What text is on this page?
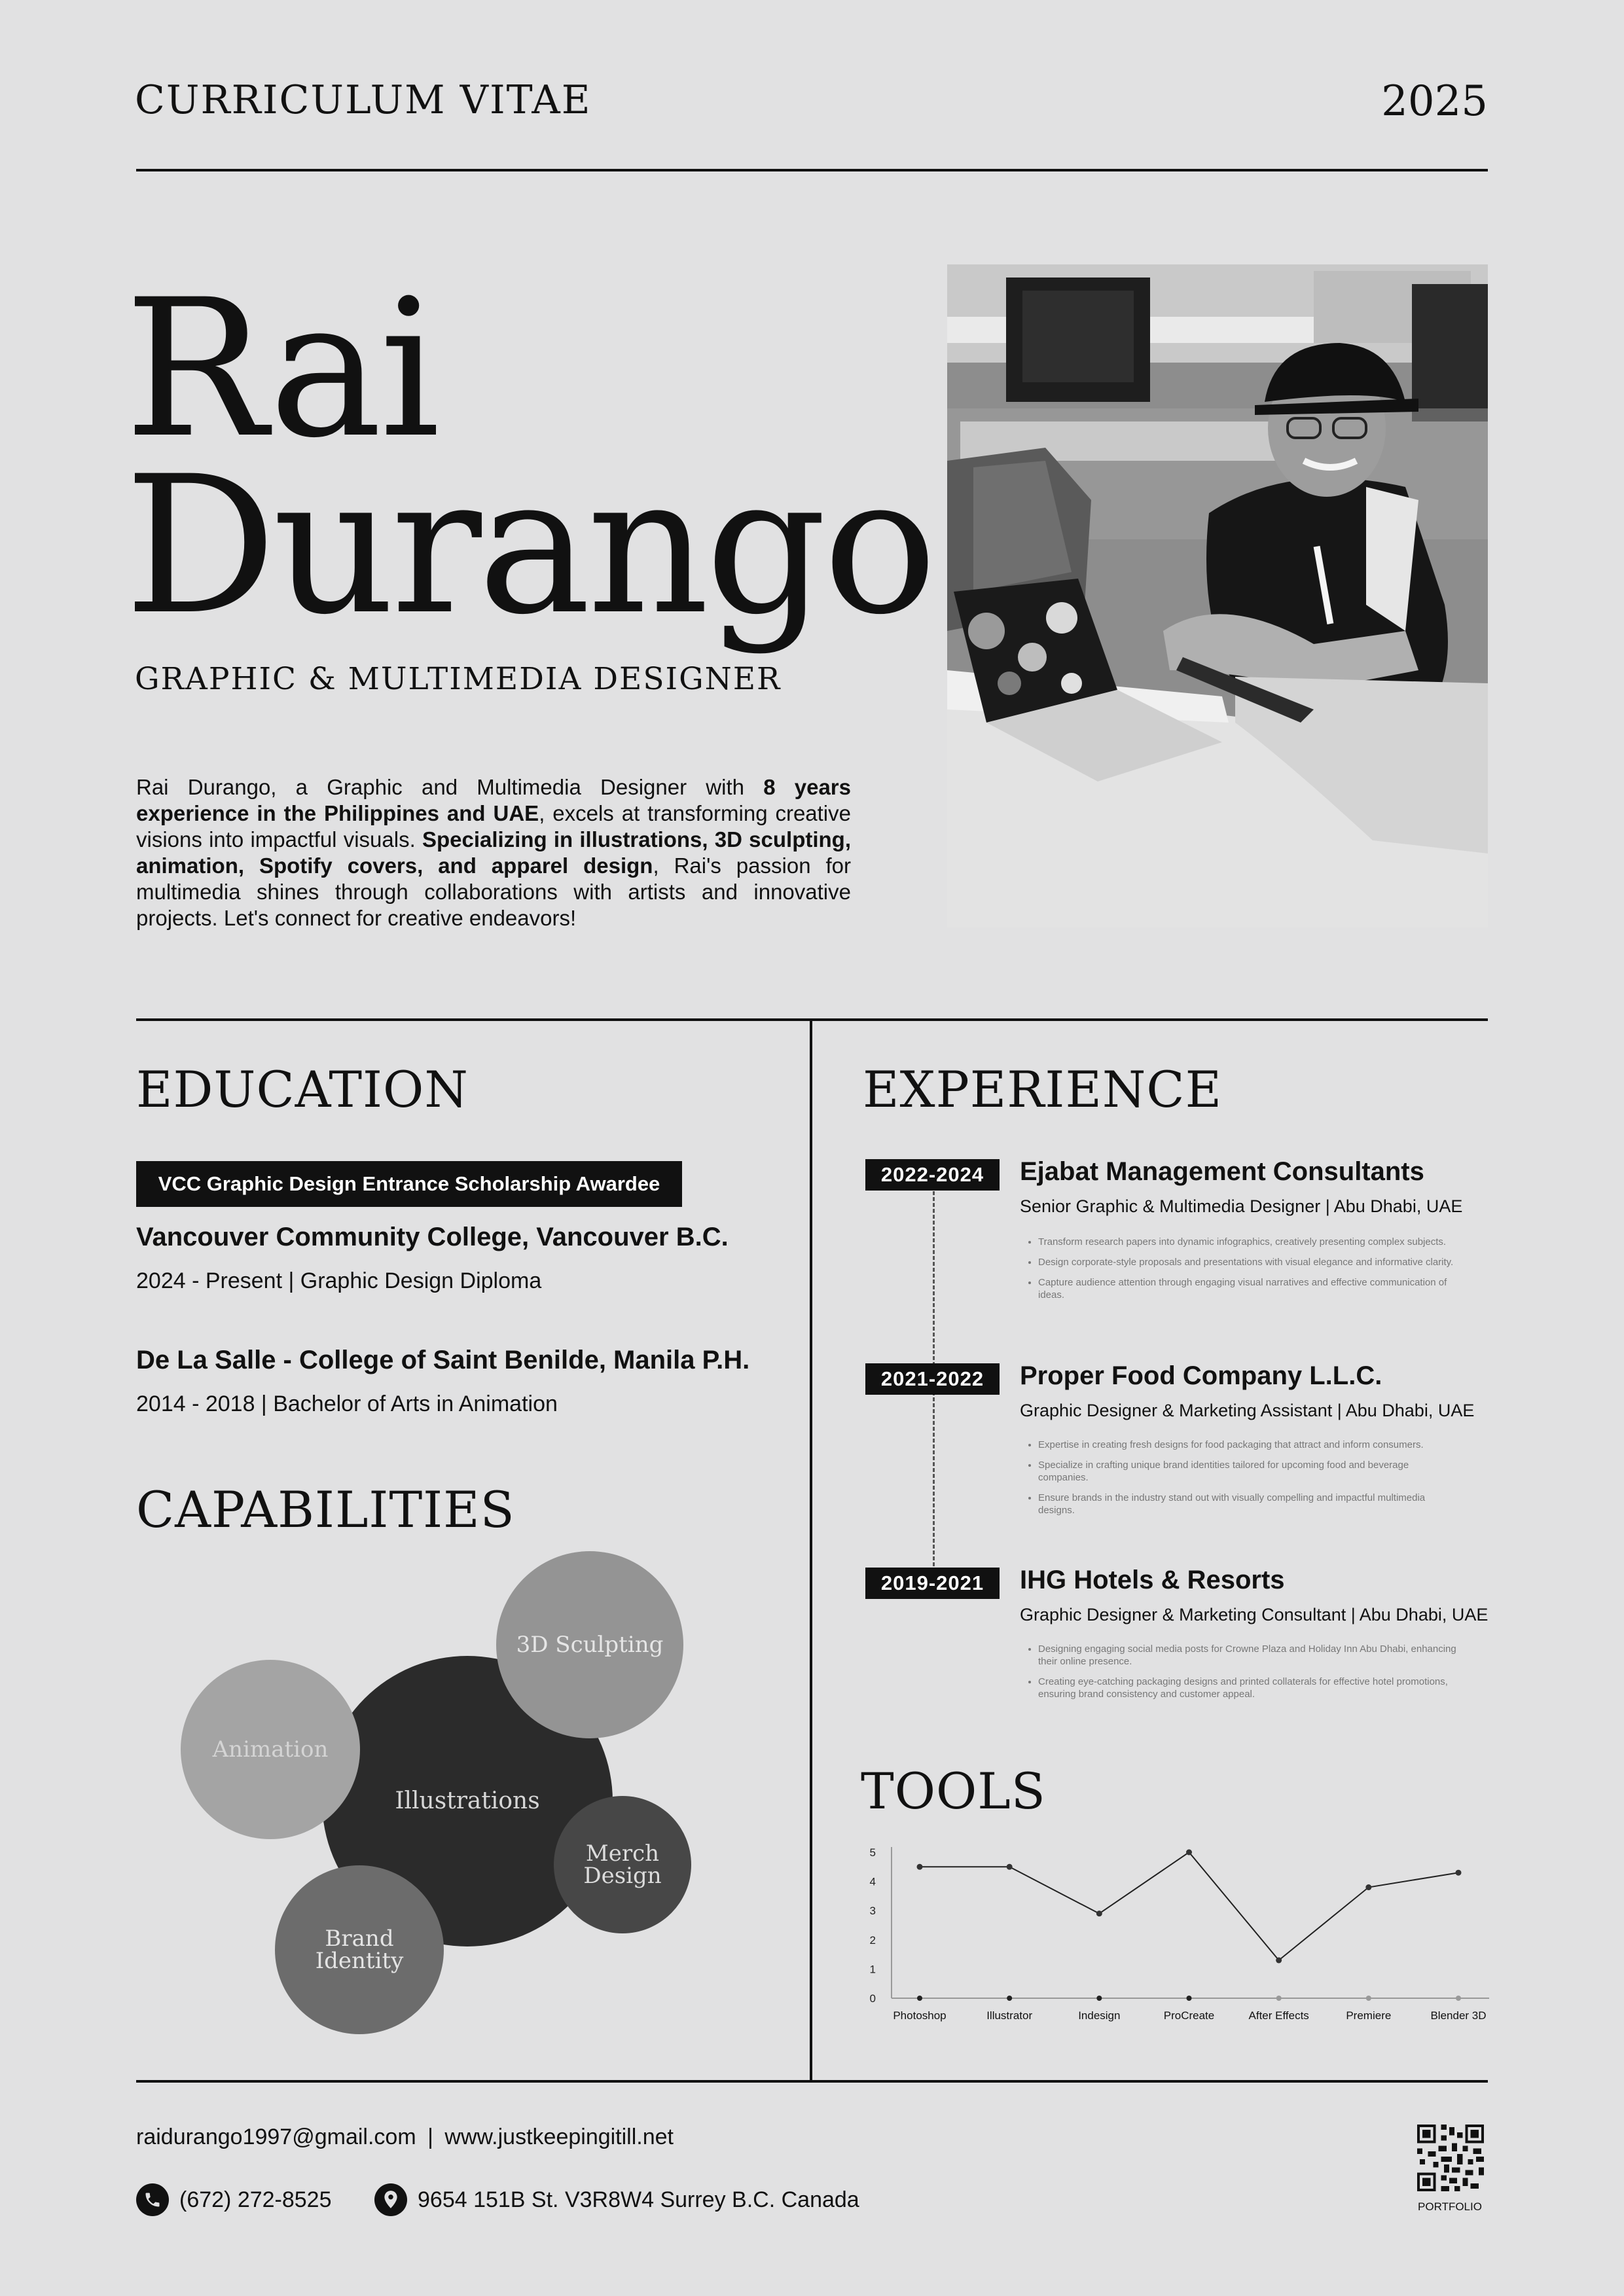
CURRICULUM VITAE	2025
Rai
Durango
GRAPHIC & MULTIMEDIA DESIGNER
Rai Durango, a Graphic and Multimedia Designer with 8 years experience in the Philippines and UAE, excels at transforming creative visions into impactful visuals. Specializing in illustrations, 3D sculpting, animation, Spotify covers, and apparel design, Rai's passion for multimedia shines through collaborations with artists and innovative projects. Let's connect for creative endeavors!
EDUCATION
VCC Graphic Design Entrance Scholarship Awardee
Vancouver Community College, Vancouver B.C.
2024 - Present | Graphic Design Diploma
De La Salle - College of Saint Benilde, Manila P.H.
2014 - 2018 | Bachelor of Arts in Animation
CAPABILITIES
Illustrations
3D Sculpting
Animation
Merch Design
Brand Identity
EXPERIENCE
2022-2024 Ejabat Management Consultants
Senior Graphic & Multimedia Designer | Abu Dhabi, UAE
• Transform research papers into dynamic infographics, creatively presenting complex subjects.
• Design corporate-style proposals and presentations with visual elegance and informative clarity.
• Capture audience attention through engaging visual narratives and effective communication of ideas.
2021-2022 Proper Food Company L.L.C.
Graphic Designer & Marketing Assistant | Abu Dhabi, UAE
• Expertise in creating fresh designs for food packaging that attract and inform consumers.
• Specialize in crafting unique brand identities tailored for upcoming food and beverage companies.
• Ensure brands in the industry stand out with visually compelling and impactful multimedia designs.
2019-2021 IHG Hotels & Resorts
Graphic Designer & Marketing Consultant | Abu Dhabi, UAE
• Designing engaging social media posts for Crowne Plaza and Holiday Inn Abu Dhabi, enhancing their online presence.
• Creating eye-catching packaging designs and printed collaterals for effective hotel promotions, ensuring brand consistency and customer appeal.
TOOLS
0
1
2
3
4
5
Photoshop	Illustrator	Indesign	ProCreate	After Effects	Premiere	Blender 3D
raidurango1997@gmail.com | www.justkeepingitill.net
(672) 272-8525	9654 151B St. V3R8W4 Surrey B.C. Canada	PORTFOLIO
